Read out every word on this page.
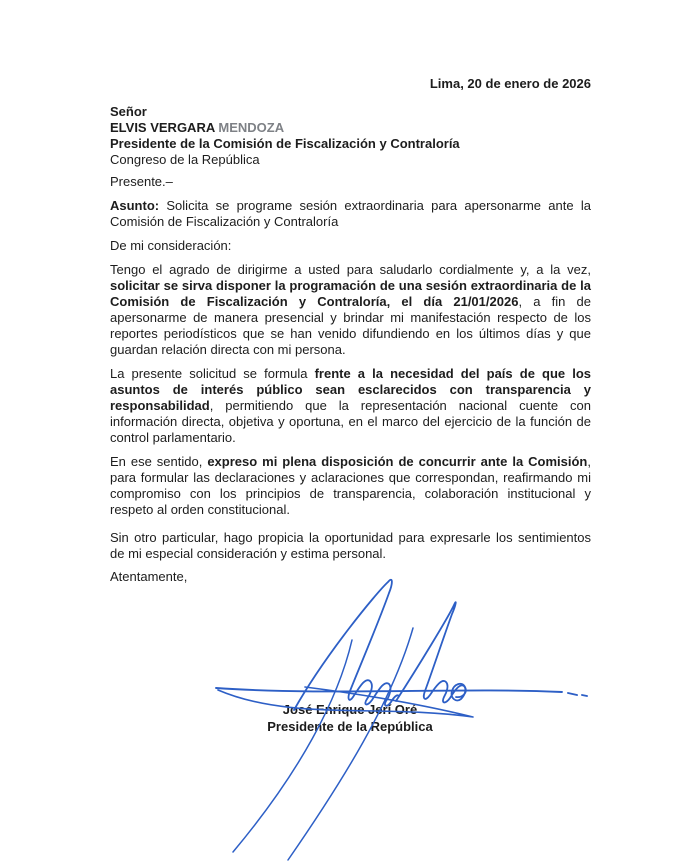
Lima, 20 de enero de 2026
Señor
ELVIS VERGARA MENDOZA
Presidente de la Comisión de Fiscalización y Contraloría
Congreso de la República
Presente.–

Asunto: Solicita se programe sesión extraordinaria para apersonarme ante la Comisión de Fiscalización y Contraloría

De mi consideración:

Tengo el agrado de dirigirme a usted para saludarlo cordialmente y, a la vez, solicitar se sirva disponer la programación de una sesión extraordinaria de la Comisión de Fiscalización y Contraloría, el día 21/01/2026, a fin de apersonarme de manera presencial y brindar mi manifestación respecto de los reportes periodísticos que se han venido difundiendo en los últimos días y que guardan relación directa con mi persona.

La presente solicitud se formula frente a la necesidad del país de que los asuntos de interés público sean esclarecidos con transparencia y responsabilidad, permitiendo que la representación nacional cuente con información directa, objetiva y oportuna, en el marco del ejercicio de la función de control parlamentario.

En ese sentido, expreso mi plena disposición de concurrir ante la Comisión, para formular las declaraciones y aclaraciones que correspondan, reafirmando mi compromiso con los principios de transparencia, colaboración institucional y respeto al orden constitucional.

Sin otro particular, hago propicia la oportunidad para expresarle los sentimientos de mi especial consideración y estima personal.

Atentamente,
José Enrique Jerí Oré
Presidente de la República
